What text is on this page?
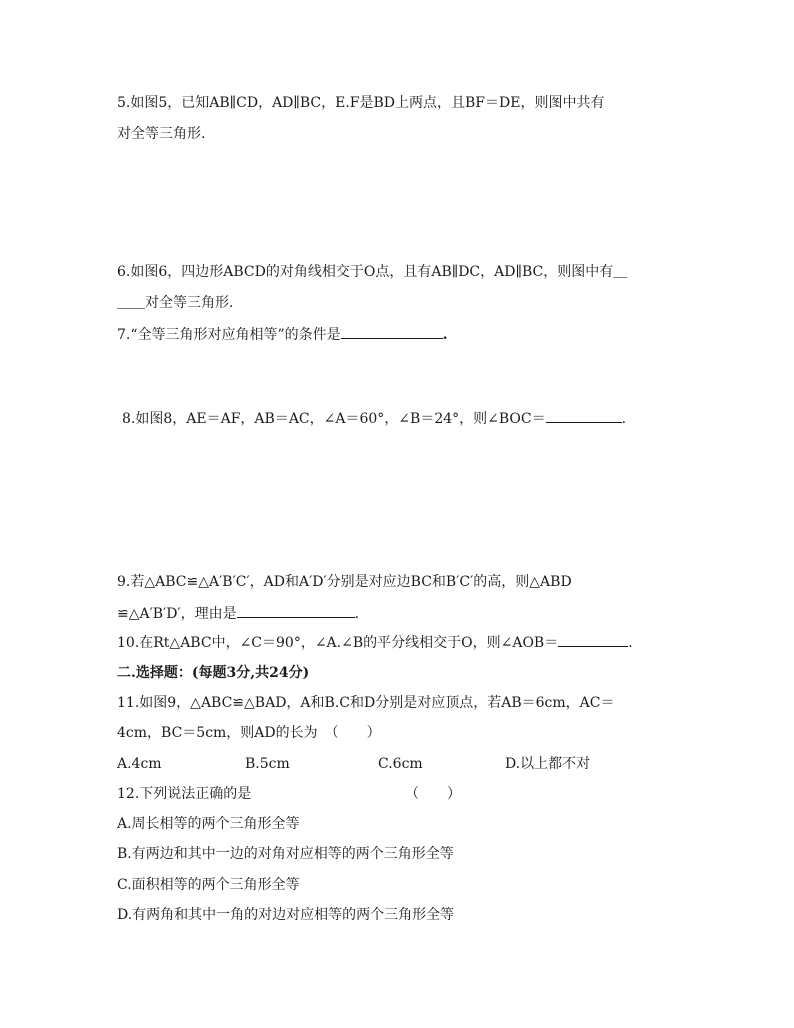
5.如图5，已知AB∥CD，AD∥BC，E.F是BD上两点，且BF＝DE，则图中共有
对全等三角形.
6.如图6，四边形ABCD的对角线相交于O点，且有AB∥DC，AD∥BC，则图中有＿
＿＿对全等三角形.
7.“全等三角形对应角相等”的条件是	.
8.如图8，AE＝AF，AB＝AC，∠A＝60°，∠B＝24°，则∠BOC＝	.
9.若△ABC≌△A′B′C′，AD和A′D′分别是对应边BC和B′C′的高，则△ABD
≌△A′B′D′，理由是	.
10.在Rt△ABC中，∠C＝90°，∠A.∠B的平分线相交于O，则∠AOB＝	.
二.选择题：(每题3分,共24分)
11.如图9，△ABC≌△BAD，A和B.C和D分别是对应顶点，若AB＝6cm，AC＝
4cm，BC＝5cm，则AD的长为　（　　）
A.4cm	B.5cm	C.6cm	D.以上都不对
12.下列说法正确的是	（　　）
A.周长相等的两个三角形全等
B.有两边和其中一边的对角对应相等的两个三角形全等
C.面积相等的两个三角形全等
D.有两角和其中一角的对边对应相等的两个三角形全等
